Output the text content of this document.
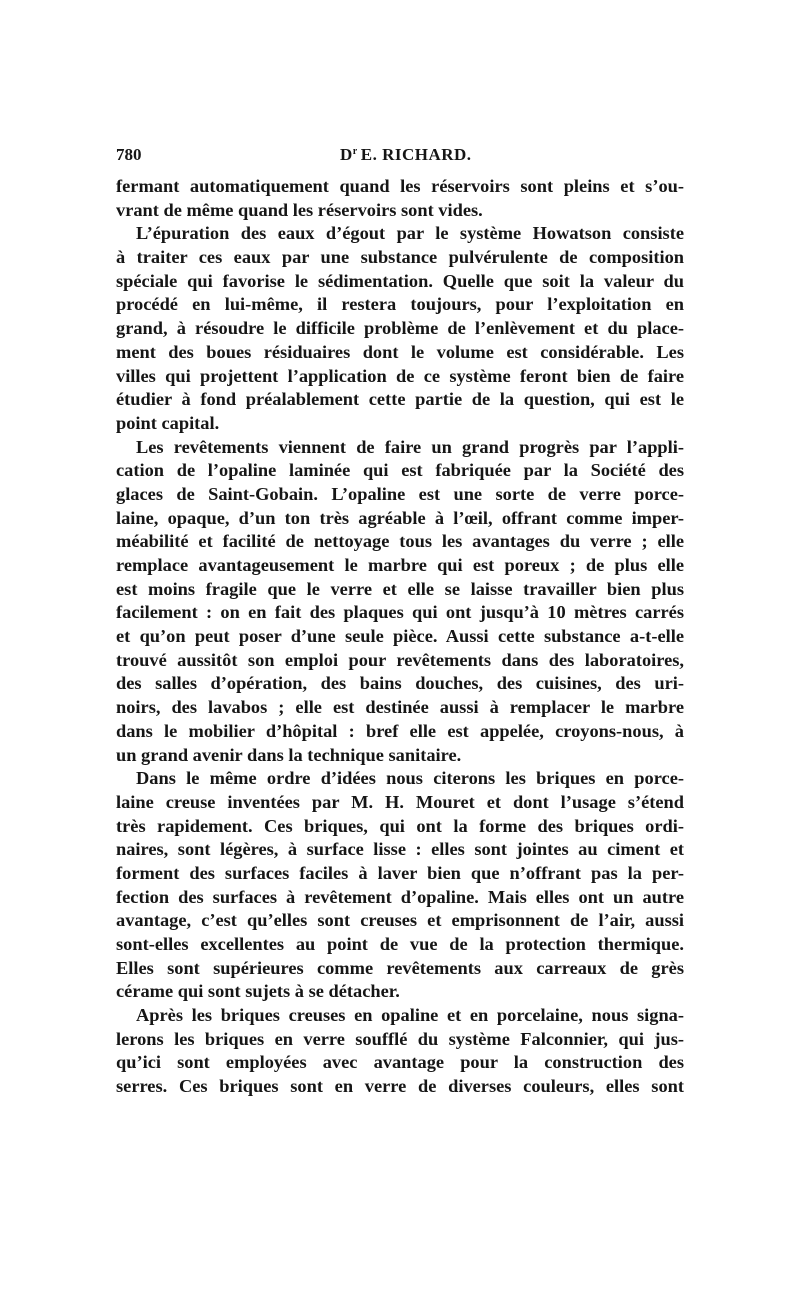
780	$D^r$ E. RICHARD.
fermant automatiquement quand les réservoirs sont pleins et s’ou-
vrant de même quand les réservoirs sont vides.
L’épuration des eaux d’égout par le système Howatson consiste
à traiter ces eaux par une substance pulvérulente de composition
spéciale qui favorise le sédimentation. Quelle que soit la valeur du
procédé en lui-même, il restera toujours, pour l’exploitation en
grand, à résoudre le difficile problème de l’enlèvement et du place-
ment des boues résiduaires dont le volume est considérable. Les
villes qui projettent l’application de ce système feront bien de faire
étudier à fond préalablement cette partie de la question, qui est le
point capital.
Les revêtements viennent de faire un grand progrès par l’appli-
cation de l’opaline laminée qui est fabriquée par la Société des
glaces de Saint-Gobain. L’opaline est une sorte de verre porce-
laine, opaque, d’un ton très agréable à l’œil, offrant comme imper-
méabilité et facilité de nettoyage tous les avantages du verre ; elle
remplace avantageusement le marbre qui est poreux ; de plus elle
est moins fragile que le verre et elle se laisse travailler bien plus
facilement : on en fait des plaques qui ont jusqu’à 10 mètres carrés
et qu’on peut poser d’une seule pièce. Aussi cette substance a-t-elle
trouvé aussitôt son emploi pour revêtements dans des laboratoires,
des salles d’opération, des bains douches, des cuisines, des uri-
noirs, des lavabos ; elle est destinée aussi à remplacer le marbre
dans le mobilier d’hôpital : bref elle est appelée, croyons-nous, à
un grand avenir dans la technique sanitaire.
Dans le même ordre d’idées nous citerons les briques en porce-
laine creuse inventées par M. H. Mouret et dont l’usage s’étend
très rapidement. Ces briques, qui ont la forme des briques ordi-
naires, sont légères, à surface lisse : elles sont jointes au ciment et
forment des surfaces faciles à laver bien que n’offrant pas la per-
fection des surfaces à revêtement d’opaline. Mais elles ont un autre
avantage, c’est qu’elles sont creuses et emprisonnent de l’air, aussi
sont-elles excellentes au point de vue de la protection thermique.
Elles sont supérieures comme revêtements aux carreaux de grès
cérame qui sont sujets à se détacher.
Après les briques creuses en opaline et en porcelaine, nous signa-
lerons les briques en verre soufflé du système Falconnier, qui jus-
qu’ici sont employées avec avantage pour la construction des
serres. Ces briques sont en verre de diverses couleurs, elles sont
